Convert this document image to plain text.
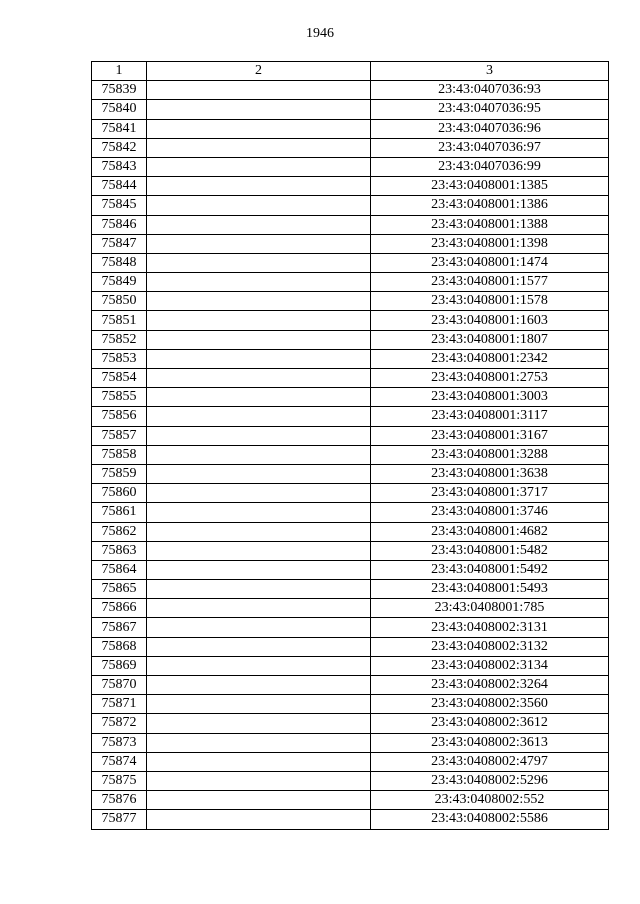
1946
1	2	3
75839		23:43:0407036:93
75840		23:43:0407036:95
75841		23:43:0407036:96
75842		23:43:0407036:97
75843		23:43:0407036:99
75844		23:43:0408001:1385
75845		23:43:0408001:1386
75846		23:43:0408001:1388
75847		23:43:0408001:1398
75848		23:43:0408001:1474
75849		23:43:0408001:1577
75850		23:43:0408001:1578
75851		23:43:0408001:1603
75852		23:43:0408001:1807
75853		23:43:0408001:2342
75854		23:43:0408001:2753
75855		23:43:0408001:3003
75856		23:43:0408001:3117
75857		23:43:0408001:3167
75858		23:43:0408001:3288
75859		23:43:0408001:3638
75860		23:43:0408001:3717
75861		23:43:0408001:3746
75862		23:43:0408001:4682
75863		23:43:0408001:5482
75864		23:43:0408001:5492
75865		23:43:0408001:5493
75866		23:43:0408001:785
75867		23:43:0408002:3131
75868		23:43:0408002:3132
75869		23:43:0408002:3134
75870		23:43:0408002:3264
75871		23:43:0408002:3560
75872		23:43:0408002:3612
75873		23:43:0408002:3613
75874		23:43:0408002:4797
75875		23:43:0408002:5296
75876		23:43:0408002:552
75877		23:43:0408002:5586
